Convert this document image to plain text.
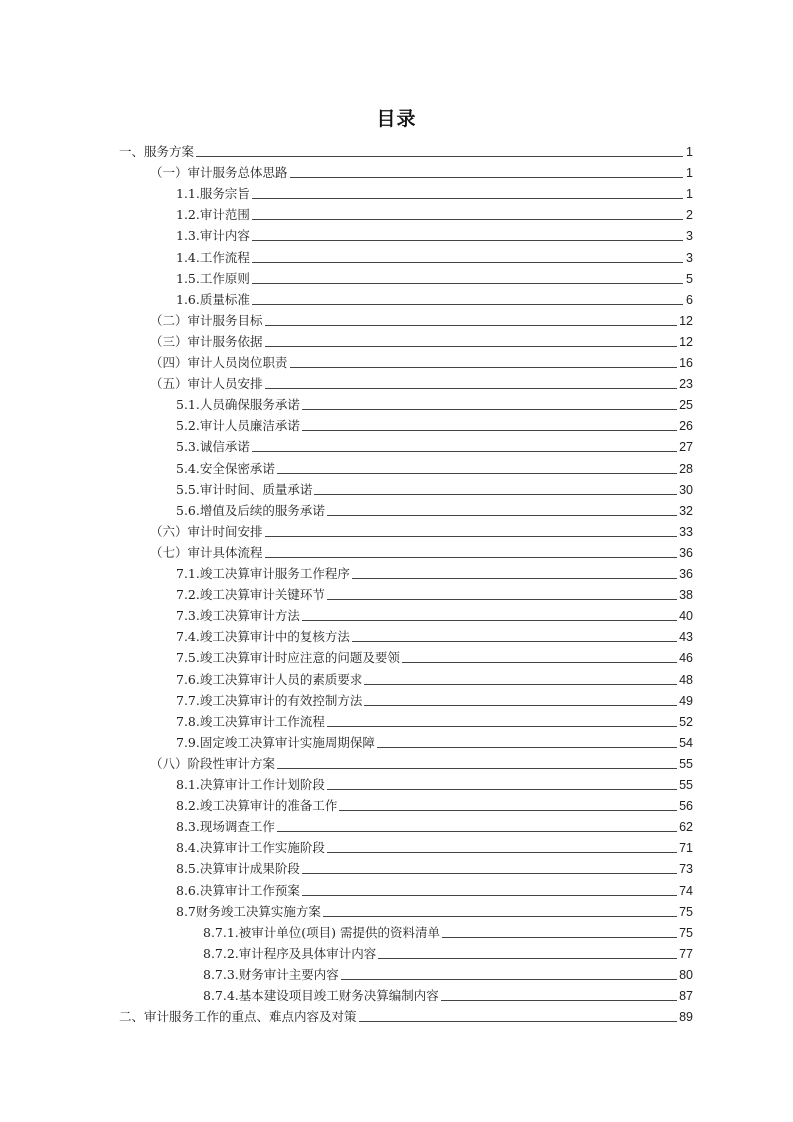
目录
一、服务方案	1
（一）审计服务总体思路	1
1.1.服务宗旨	1
1.2.审计范围	2
1.3.审计内容	3
1.4.工作流程	3
1.5.工作原则	5
1.6.质量标准	6
（二）审计服务目标	12
（三）审计服务依据	12
（四）审计人员岗位职责	16
（五）审计人员安排	23
5.1.人员确保服务承诺	25
5.2.审计人员廉洁承诺	26
5.3.诚信承诺	27
5.4.安全保密承诺	28
5.5.审计时间、质量承诺	30
5.6.增值及后续的服务承诺	32
（六）审计时间安排	33
（七）审计具体流程	36
7.1.竣工决算审计服务工作程序	36
7.2.竣工决算审计关键环节	38
7.3.竣工决算审计方法	40
7.4.竣工决算审计中的复核方法	43
7.5.竣工决算审计时应注意的问题及要领	46
7.6.竣工决算审计人员的素质要求	48
7.7.竣工决算审计的有效控制方法	49
7.8.竣工决算审计工作流程	52
7.9.固定竣工决算审计实施周期保障	54
（八）阶段性审计方案	55
8.1.决算审计工作计划阶段	55
8.2.竣工决算审计的准备工作	56
8.3.现场调查工作	62
8.4.决算审计工作实施阶段	71
8.5.决算审计成果阶段	73
8.6.决算审计工作预案	74
8.7财务竣工决算实施方案	75
8.7.1.被审计单位(项目) 需提供的资料清单	75
8.7.2.审计程序及具体审计内容	77
8.7.3.财务审计主要内容	80
8.7.4.基本建设项目竣工财务决算编制内容	87
二、审计服务工作的重点、难点内容及对策	89
